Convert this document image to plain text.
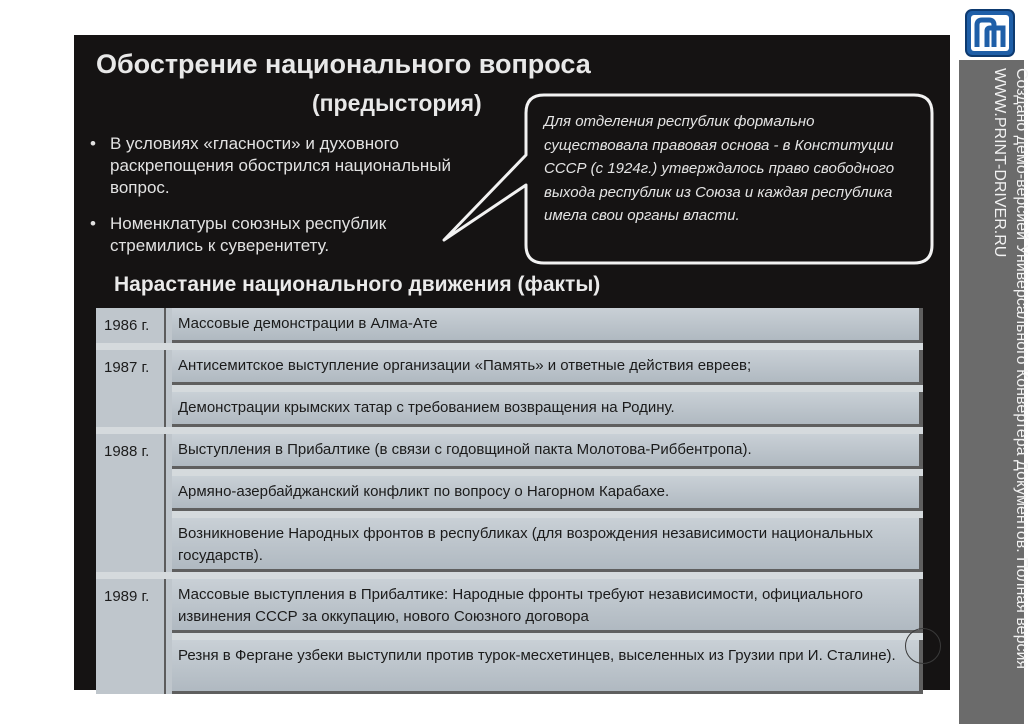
Обострение национального вопроса
(предыстория)
• В условиях «гласности» и духовного раскрепощения обострился национальный вопрос.
• Номенклатуры союзных республик стремились к суверенитету.
Для отделения республик формально существовала правовая основа - в Конституции СССР (с 1924г.) утверждалось право свободного выхода республик из Союза и каждая республика имела свои органы власти.
Нарастание национального движения (факты)
1986 г.	Массовые демонстрации в Алма-Ате
1987 г.	Антисемитское выступление организации «Память» и ответные действия евреев;
Демонстрации крымских татар с требованием возвращения на Родину.
1988 г.	Выступления в Прибалтике (в связи с годовщиной пакта Молотова-Риббентропа).
Армяно-азербайджанский конфликт по вопросу о Нагорном Карабахе.
Возникновение Народных фронтов в республиках (для возрождения независимости национальных государств).
1989 г.	Массовые выступления в Прибалтике: Народные фронты требуют независимости, официального извинения СССР за оккупацию, нового Союзного договора
Резня в Фергане узбеки выступили против турок-месхетинцев, выселенных из Грузии при И. Сталине).	Создано демо-версией Универсального Конвертера Документов. Полная версия
WWW.PRINT-DRIVER.RU
